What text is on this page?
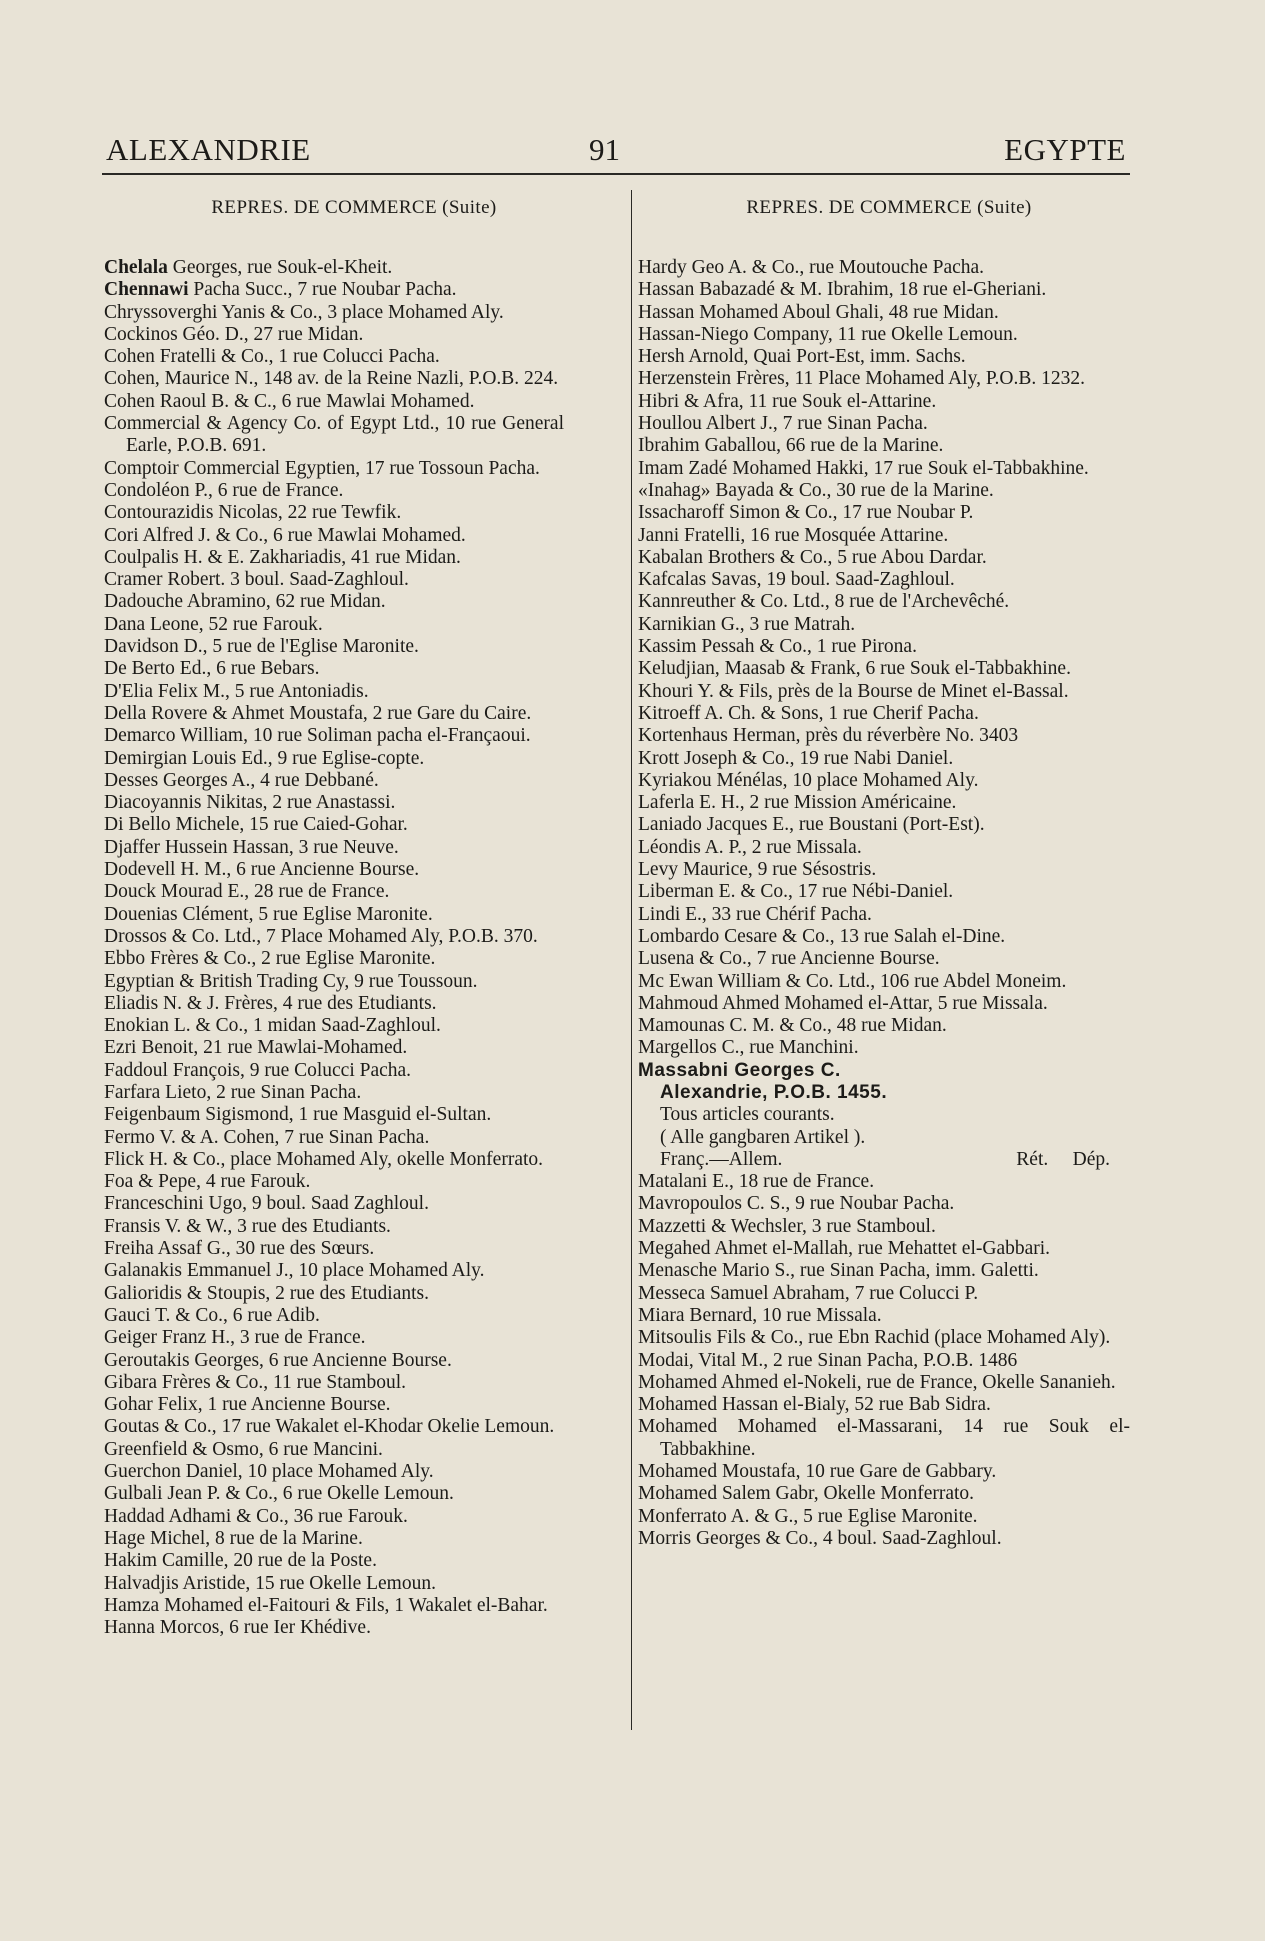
ALEXANDRIE	91	EGYPTE
REPRES. DE COMMERCE (Suite)
Chelala Georges, rue Souk-el-Kheit.
Chennawi Pacha Succ., 7 rue Noubar Pacha.
Chryssoverghi Yanis & Co., 3 place Mohamed Aly.
Cockinos Géo. D., 27 rue Midan.
Cohen Fratelli & Co., 1 rue Colucci Pacha.
Cohen, Maurice N., 148 av. de la Reine Nazli, P.O.B. 224.
Cohen Raoul B. & C., 6 rue Mawlai Mohamed.
Commercial & Agency Co. of Egypt Ltd., 10 rue General Earle, P.O.B. 691.
Comptoir Commercial Egyptien, 17 rue Tossoun Pacha.
Condoléon P., 6 rue de France.
Contourazidis Nicolas, 22 rue Tewfik.
Cori Alfred J. & Co., 6 rue Mawlai Mohamed.
Coulpalis H. & E. Zakhariadis, 41 rue Midan.
Cramer Robert. 3 boul. Saad-Zaghloul.
Dadouche Abramino, 62 rue Midan.
Dana Leone, 52 rue Farouk.
Davidson D., 5 rue de l'Eglise Maronite.
De Berto Ed., 6 rue Bebars.
D'Elia Felix M., 5 rue Antoniadis.
Della Rovere & Ahmet Moustafa, 2 rue Gare du Caire.
Demarco William, 10 rue Soliman pacha el-Françaoui.
Demirgian Louis Ed., 9 rue Eglise-copte.
Desses Georges A., 4 rue Debbané.
Diacoyannis Nikitas, 2 rue Anastassi.
Di Bello Michele, 15 rue Caied-Gohar.
Djaffer Hussein Hassan, 3 rue Neuve.
Dodevell H. M., 6 rue Ancienne Bourse.
Douck Mourad E., 28 rue de France.
Douenias Clément, 5 rue Eglise Maronite.
Drossos & Co. Ltd., 7 Place Mohamed Aly, P.O.B. 370.
Ebbo Frères & Co., 2 rue Eglise Maronite.
Egyptian & British Trading Cy, 9 rue Toussoun.
Eliadis N. & J. Frères, 4 rue des Etudiants.
Enokian L. & Co., 1 midan Saad-Zaghloul.
Ezri Benoit, 21 rue Mawlai-Mohamed.
Faddoul François, 9 rue Colucci Pacha.
Farfara Lieto, 2 rue Sinan Pacha.
Feigenbaum Sigismond, 1 rue Masguid el-Sultan.
Fermo V. & A. Cohen, 7 rue Sinan Pacha.
Flick H. & Co., place Mohamed Aly, okelle Monferrato.
Foa & Pepe, 4 rue Farouk.
Franceschini Ugo, 9 boul. Saad Zaghloul.
Fransis V. & W., 3 rue des Etudiants.
Freiha Assaf G., 30 rue des Sœurs.
Galanakis Emmanuel J., 10 place Mohamed Aly.
Galioridis & Stoupis, 2 rue des Etudiants.
Gauci T. & Co., 6 rue Adib.
Geiger Franz H., 3 rue de France.
Geroutakis Georges, 6 rue Ancienne Bourse.
Gibara Frères & Co., 11 rue Stamboul.
Gohar Felix, 1 rue Ancienne Bourse.
Goutas & Co., 17 rue Wakalet el-Khodar Okelie Lemoun.
Greenfield & Osmo, 6 rue Mancini.
Guerchon Daniel, 10 place Mohamed Aly.
Gulbali Jean P. & Co., 6 rue Okelle Lemoun.
Haddad Adhami & Co., 36 rue Farouk.
Hage Michel, 8 rue de la Marine.
Hakim Camille, 20 rue de la Poste.
Halvadjis Aristide, 15 rue Okelle Lemoun.
Hamza Mohamed el-Faitouri & Fils, 1 Wakalet el-Bahar.
Hanna Morcos, 6 rue Ier Khédive.
REPRES. DE COMMERCE (Suite)
Hardy Geo A. & Co., rue Moutouche Pacha.
Hassan Babazadé & M. Ibrahim, 18 rue el-Gheriani.
Hassan Mohamed Aboul Ghali, 48 rue Midan.
Hassan-Niego Company, 11 rue Okelle Lemoun.
Hersh Arnold, Quai Port-Est, imm. Sachs.
Herzenstein Frères, 11 Place Mohamed Aly, P.O.B. 1232.
Hibri & Afra, 11 rue Souk el-Attarine.
Houllou Albert J., 7 rue Sinan Pacha.
Ibrahim Gaballou, 66 rue de la Marine.
Imam Zadé Mohamed Hakki, 17 rue Souk el-Tabbakhine.
«Inahag» Bayada & Co., 30 rue de la Marine.
Issacharoff Simon & Co., 17 rue Noubar P.
Janni Fratelli, 16 rue Mosquée Attarine.
Kabalan Brothers & Co., 5 rue Abou Dardar.
Kafcalas Savas, 19 boul. Saad-Zaghloul.
Kannreuther & Co. Ltd., 8 rue de l'Archevêché.
Karnikian G., 3 rue Matrah.
Kassim Pessah & Co., 1 rue Pirona.
Keludjian, Maasab & Frank, 6 rue Souk el-Tabbakhine.
Khouri Y. & Fils, près de la Bourse de Minet el-Bassal.
Kitroeff A. Ch. & Sons, 1 rue Cherif Pacha.
Kortenhaus Herman, près du réverbère No. 3403
Krott Joseph & Co., 19 rue Nabi Daniel.
Kyriakou Ménélas, 10 place Mohamed Aly.
Laferla E. H., 2 rue Mission Américaine.
Laniado Jacques E., rue Boustani (Port-Est).
Léondis A. P., 2 rue Missala.
Levy Maurice, 9 rue Sésostris.
Liberman E. & Co., 17 rue Nébi-Daniel.
Lindi E., 33 rue Chérif Pacha.
Lombardo Cesare & Co., 13 rue Salah el-Dine.
Lusena & Co., 7 rue Ancienne Bourse.
Mc Ewan William & Co. Ltd., 106 rue Abdel Moneim.
Mahmoud Ahmed Mohamed el-Attar, 5 rue Missala.
Mamounas C. M. & Co., 48 rue Midan.
Margellos C., rue Manchini.
Massabni Georges C.
Alexandrie, P.O.B. 1455.
Tous articles courants.
( Alle gangbaren Artikel ).
Franç.—Allem.	Rét. Dép.
Matalani E., 18 rue de France.
Mavropoulos C. S., 9 rue Noubar Pacha.
Mazzetti & Wechsler, 3 rue Stamboul.
Megahed Ahmet el-Mallah, rue Mehattet el-Gabbari.
Menasche Mario S., rue Sinan Pacha, imm. Galetti.
Messeca Samuel Abraham, 7 rue Colucci P.
Miara Bernard, 10 rue Missala.
Mitsoulis Fils & Co., rue Ebn Rachid (place Mohamed Aly).
Modai, Vital M., 2 rue Sinan Pacha, P.O.B. 1486
Mohamed Ahmed el-Nokeli, rue de France, Okelle Sananieh.
Mohamed Hassan el-Bialy, 52 rue Bab Sidra.
Mohamed Mohamed el-Massarani, 14 rue Souk el-Tabbakhine.
Mohamed Moustafa, 10 rue Gare de Gabbary.
Mohamed Salem Gabr, Okelle Monferrato.
Monferrato A. & G., 5 rue Eglise Maronite.
Morris Georges & Co., 4 boul. Saad-Zaghloul.
